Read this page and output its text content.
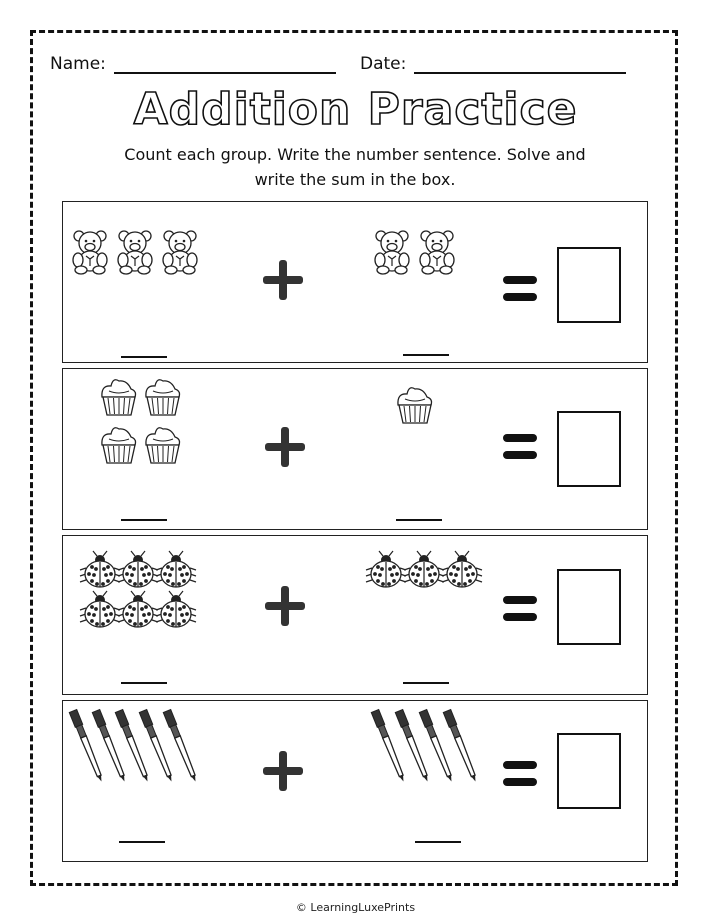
Name:	Date:
Addition Practice
Count each group. Write the number sentence. Solve and
write the sum in the box.
© LearningLuxePrints
